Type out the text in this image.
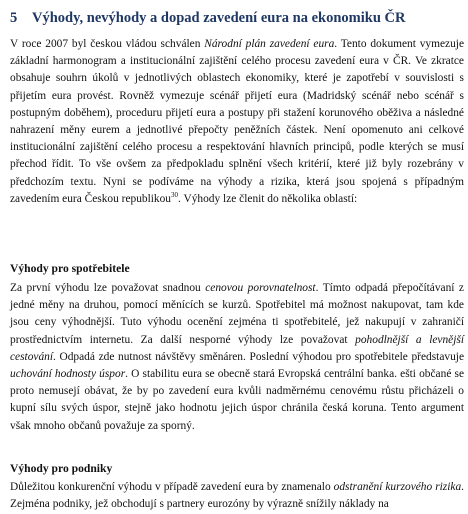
5 Výhody, nevýhody a dopad zavedení eura na ekonomiku ČR

V roce 2007 byl českou vládou schválen Národní plán zavedení eura. Tento dokument vymezuje základní harmonogram a institucionální zajištění celého procesu zavedení eura v ČR. Ve zkratce obsahuje souhrn úkolů v jednotlivých oblastech ekonomiky, které je zapotřebí v souvislosti s přijetím eura provést. Rovněž vymezuje scénář přijetí eura (Madridský scénář nebo scénář s postupným doběhem), proceduru přijetí eura a postupy při stažení korunového oběživa a následné nahrazení měny eurem a jednotlivé přepočty peněžních částek. Není opomenuto ani celkové institucionální zajištění celého procesu a respektování hlavních principů, podle kterých se musí přechod řídit. To vše ovšem za předpokladu splnění všech kritérií, které již byly rozebrány v předchozím textu. Nyni se podíváme na výhody a rizika, která jsou spojená s případným zavedením eura Českou republikou$^{30}$. Výhody lze členit do několika oblastí:

Výhody pro spotřebitele

Za první výhodu lze považovat snadnou cenovou porovnatelnost. Tímto odpadá přepočítávaní z jedné měny na druhou, pomocí měnících se kurzů. Spotřebitel má možnost nakupovat, tam kde jsou ceny výhodnější. Tuto výhodu ocenění zejména ti spotřebitelé, jež nakupují v zahraničí prostřednictvím internetu. Za další nesporné výhody lze považovat pohodlnější a levnější cestování. Odpadá zde nutnost návštěvy směnáren. Poslední výhodou pro spotřebitele představuje uchování hodnosty úspor. O stabilitu eura se obecně stará Evropská centrální banka. ešti občané se proto nemusejí obávat, že by po zavedení eura kvůli nadměrnému cenovému růstu přicházeli o kupní sílu svých úspor, stejně jako hodnotu jejich úspor chránila česká koruna. Tento argument však mnoho občanů považuje za sporný.

Výhody pro podniky

Důležitou konkurenční výhodu v případě zavedení eura by znamenalo odstranění kurzového rizika. Zejména podniky, jež obchodují s partnery eurozóny by výrazně snížily náklady na
